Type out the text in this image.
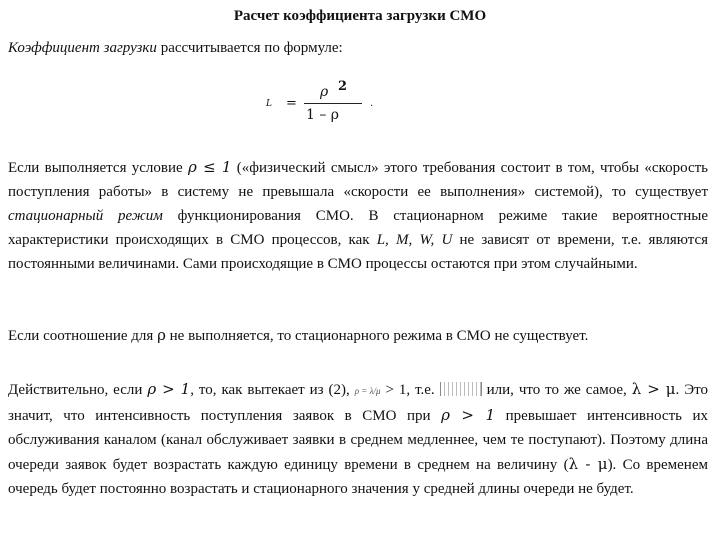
Расчет коэффициента загрузки СМО
Коэффициент загрузки рассчитывается по формуле:
L =
ρ 2
1 – ρ
.

Если выполняется условие ρ ≤ 1 («физический смысл» этого требования состоит в том, чтобы «скорость поступления работы» в систему не превышала «скорости ее выполнения» системой), то существует стационарный режим функционирования СМО. В стационарном режиме такие вероятностные характеристики происходящих в СМО процессов, как L, M, W, U не зависят от времени, т.е. являются постоянными величинами. Сами происходящие в СМО процессы остаются при этом случайными.

Если соотношение для ρ не выполняется, то стационарного режима в СМО не существует.

Действительно, если ρ > 1, то, как вытекает из (2), ρ = λ/μ > 1, т.е.	или, что то же самое, λ > μ. Это значит, что интенсивность поступления заявок в СМО при ρ > 1 превышает интенсивность их обслуживания каналом (канал обслуживает заявки в среднем медленнее, чем те поступают). Поэтому длина очереди заявок будет возрастать каждую единицу времени в среднем на величину (λ - μ). Со временем очередь будет постоянно возрастать и стационарного значения у средней длины очереди не будет.
